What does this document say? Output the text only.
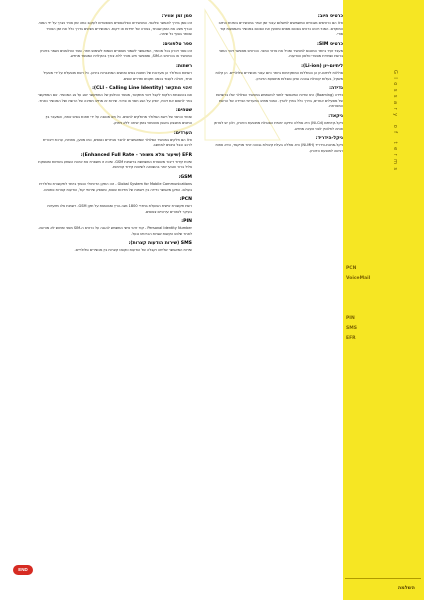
סמן זמן אוויר:
זהו סמן בדרך לאפשר פלאפי. המכשירים הפלאפוניים מאפשרים לעקוב כמה זמן אוויר נצרך על ידי המנוי. הגרף מציג את הזמן שנותר, בצורה של יחידות או דקות. המכשירים מציגים בדרך כלל את זמן האוויר שנותר בסוף כל שיחה.
ספר טלפונים:
זהו ספר זיכרון בכל מכשיר, המאפשר לשמור מספרים ושמות לשימוש חוזר. ספר הטלפונים נשמר בזיכרון המכשיר או בכרטיס ה-SIM, ומאפשר חיוג מהיר ללא צורך בהקלדת המספר מחדש.
רשתות:
רשתות הסלולר הן מערכות של תחנות בסיס ומתגים המחוברות ביניהן. כל רשת מופעלת על ידי מפעיל אחד, ויכולה לעבוד בכמה תקנים ותדרים שונים.
זיהוי מתקשר (CLI - Calling Line Identity):
אם בהשבתת הלקוח לקבל זיהוי מתקשר, מספר הטלפון של המתקשר יוצג על צג המכשיר. אם המתקשר בחר לחסום את זיהויו, יופיע על הצג חסוי או פרטי. שירות זה מחייב תמיכה של הרשת ושל המכשיר כאחד.
שטחים:
שטחי הכיסוי של רשת הסלולר מחולקים לתאים. כל תא מכוסה על ידי תחנת בסיס אחת, והמעבר בין התאים מתבצע באופן אוטומטי בזמן שיחה ללא ניתוק.
הערדים:
אלו הם חלקים במכשיר הסלולר שמאפשרים לחבר אביזרים נוספים, כמו מטען, אוזניות, ערכת דיבורית לרכב וכבל נתונים למחשב.
EFR (שיעור מלא משופר - Enhanced Full Rate):
שיטת קידוד דיבור משופרת המשמשת ברשתות GSM. שיטה זו משפרת את איכות השמע בשיחות ומספקת צליל ברור וטבעי יותר בהשוואה לשיטות קידוד קודמות.
GSM:
Global System for Mobile Communications - זהו התקן הדיגיטלי הנפוץ ביותר לתקשורת סלולרית בעולם. התקן מאפשר נדידה בין רשתות של מדינות שונות, ומספק שירותי קול, הודעות קצרות ונתונים.
PCN:
רשת תקשורת אישית הפועלת בתדרי 1800 מגה-הרץ ומבוססת על תקן GSM. רשתות אלו מיועדות בעיקר לאזורים עירוניים צפופים.
PIN:
Personal Identity Number - קוד זיהוי אישי המשמש להגנה על כרטיס ה-SIM מפני שימוש לא מורשה. לאחר שלוש הקשות שגויות הכרטיס ננעל.
SMS (שירות הודעות קצרות):
שירות המאפשר שליחה וקבלה של הודעות טקסט קצרות בין מכשירים סלולריים.
כרטיס חיוב:
אלו הם כרטיסים מגנטיים המשמשים לתשלום עבור זמן אוויר במכשירים בשיטת החיוב המוקדם. המנוי רוכש כרטיס בסכום מסוים ומטעין את הסכום במכשיר באמצעות קוד סודי.
כרטיס SIM:
מעבד זעיר ביותר המוכנס למכשיר ומכיל את פרטי המנוי. הכרטיס מאפשר זיהוי המנוי ברשת ושמירת מספרי טלפון והודעות.
ליתיום-יון (Li-ion):
סוללות ליתיום-יון הן הסוללות המתקדמות ביותר כיום עבור מכשירים סלולריים. הן קלות משקל, בעלות קיבולת גבוהה ואינן סובלות מתופעת הזיכרון.
נדידה:
נדידה (Roaming) היא שירות המאפשר למנוי להשתמש במכשיר הסלולר שלו ברשתות של מפעילים אחרים, בדרך כלל בחוץ לארץ. המנוי מחויב בתעריפי הנדידה של הרשת המארחת.
ניקאד:
ניקל-קדמיום (Ni-Cd) היא סוללה ותיקה יחסית הסובלת מתופעת הזיכרון, ולכן יש לפרוק אותה לחלוטין לפני טעינה מחדש.
ניקל-הידריד:
ניקל-מתכת-הידריד (Ni-MH) היא סוללה בעלת קיבולת גבוהה יותר מניקאד, והיא פחות רגישה לתופעת הזיכרון.	Glossary of terms
PCN
VoiceMail
PIN
SMS
EFR
השלמה
END
